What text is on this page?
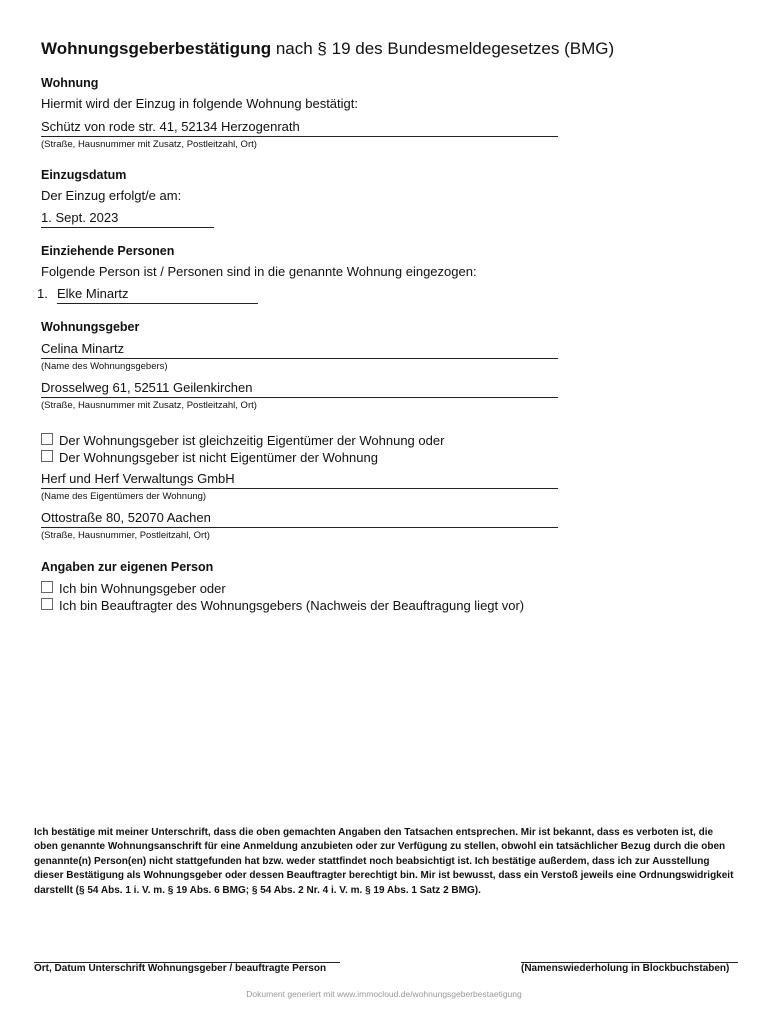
Wohnungsgeberbestätigung nach § 19 des Bundesmeldegesetzes (BMG)
Wohnung
Hiermit wird der Einzug in folgende Wohnung bestätigt:
Schütz von rode str. 41, 52134 Herzogenrath
(Straße, Hausnummer mit Zusatz, Postleitzahl, Ort)
Einzugsdatum
Der Einzug erfolgt/e am:
1. Sept. 2023
Einziehende Personen
Folgende Person ist / Personen sind in die genannte Wohnung eingezogen:
1. Elke Minartz
Wohnungsgeber
Celina Minartz
(Name des Wohnungsgebers)
Drosselweg 61, 52511 Geilenkirchen
(Straße, Hausnummer mit Zusatz, Postleitzahl, Ort)
Der Wohnungsgeber ist gleichzeitig Eigentümer der Wohnung oder
Der Wohnungsgeber ist nicht Eigentümer der Wohnung
Herf und Herf Verwaltungs GmbH
(Name des Eigentümers der Wohnung)
Ottostraße 80, 52070 Aachen
(Straße, Hausnummer, Postleitzahl, Ort)
Angaben zur eigenen Person
Ich bin Wohnungsgeber oder
Ich bin Beauftragter des Wohnungsgebers (Nachweis der Beauftragung liegt vor)
Ich bestätige mit meiner Unterschrift, dass die oben gemachten Angaben den Tatsachen entsprechen. Mir ist bekannt, dass es verboten ist, die oben genannte Wohnungsanschrift für eine Anmeldung anzubieten oder zur Verfügung zu stellen, obwohl ein tatsächlicher Bezug durch die oben genannte(n) Person(en) nicht stattgefunden hat bzw. weder stattfindet noch beabsichtigt ist. Ich bestätige außerdem, dass ich zur Ausstellung dieser Bestätigung als Wohnungsgeber oder dessen Beauftragter berechtigt bin. Mir ist bewusst, dass ein Verstoß jeweils eine Ordnungswidrigkeit darstellt (§ 54 Abs. 1 i. V. m. § 19 Abs. 6 BMG; § 54 Abs. 2 Nr. 4 i. V. m. § 19 Abs. 1 Satz 2 BMG).
Ort, Datum Unterschrift Wohnungsgeber / beauftragte Person	(Namenswiederholung in Blockbuchstaben)
Dokument generiert mit www.immocloud.de/wohnungsgeberbestaetigung
